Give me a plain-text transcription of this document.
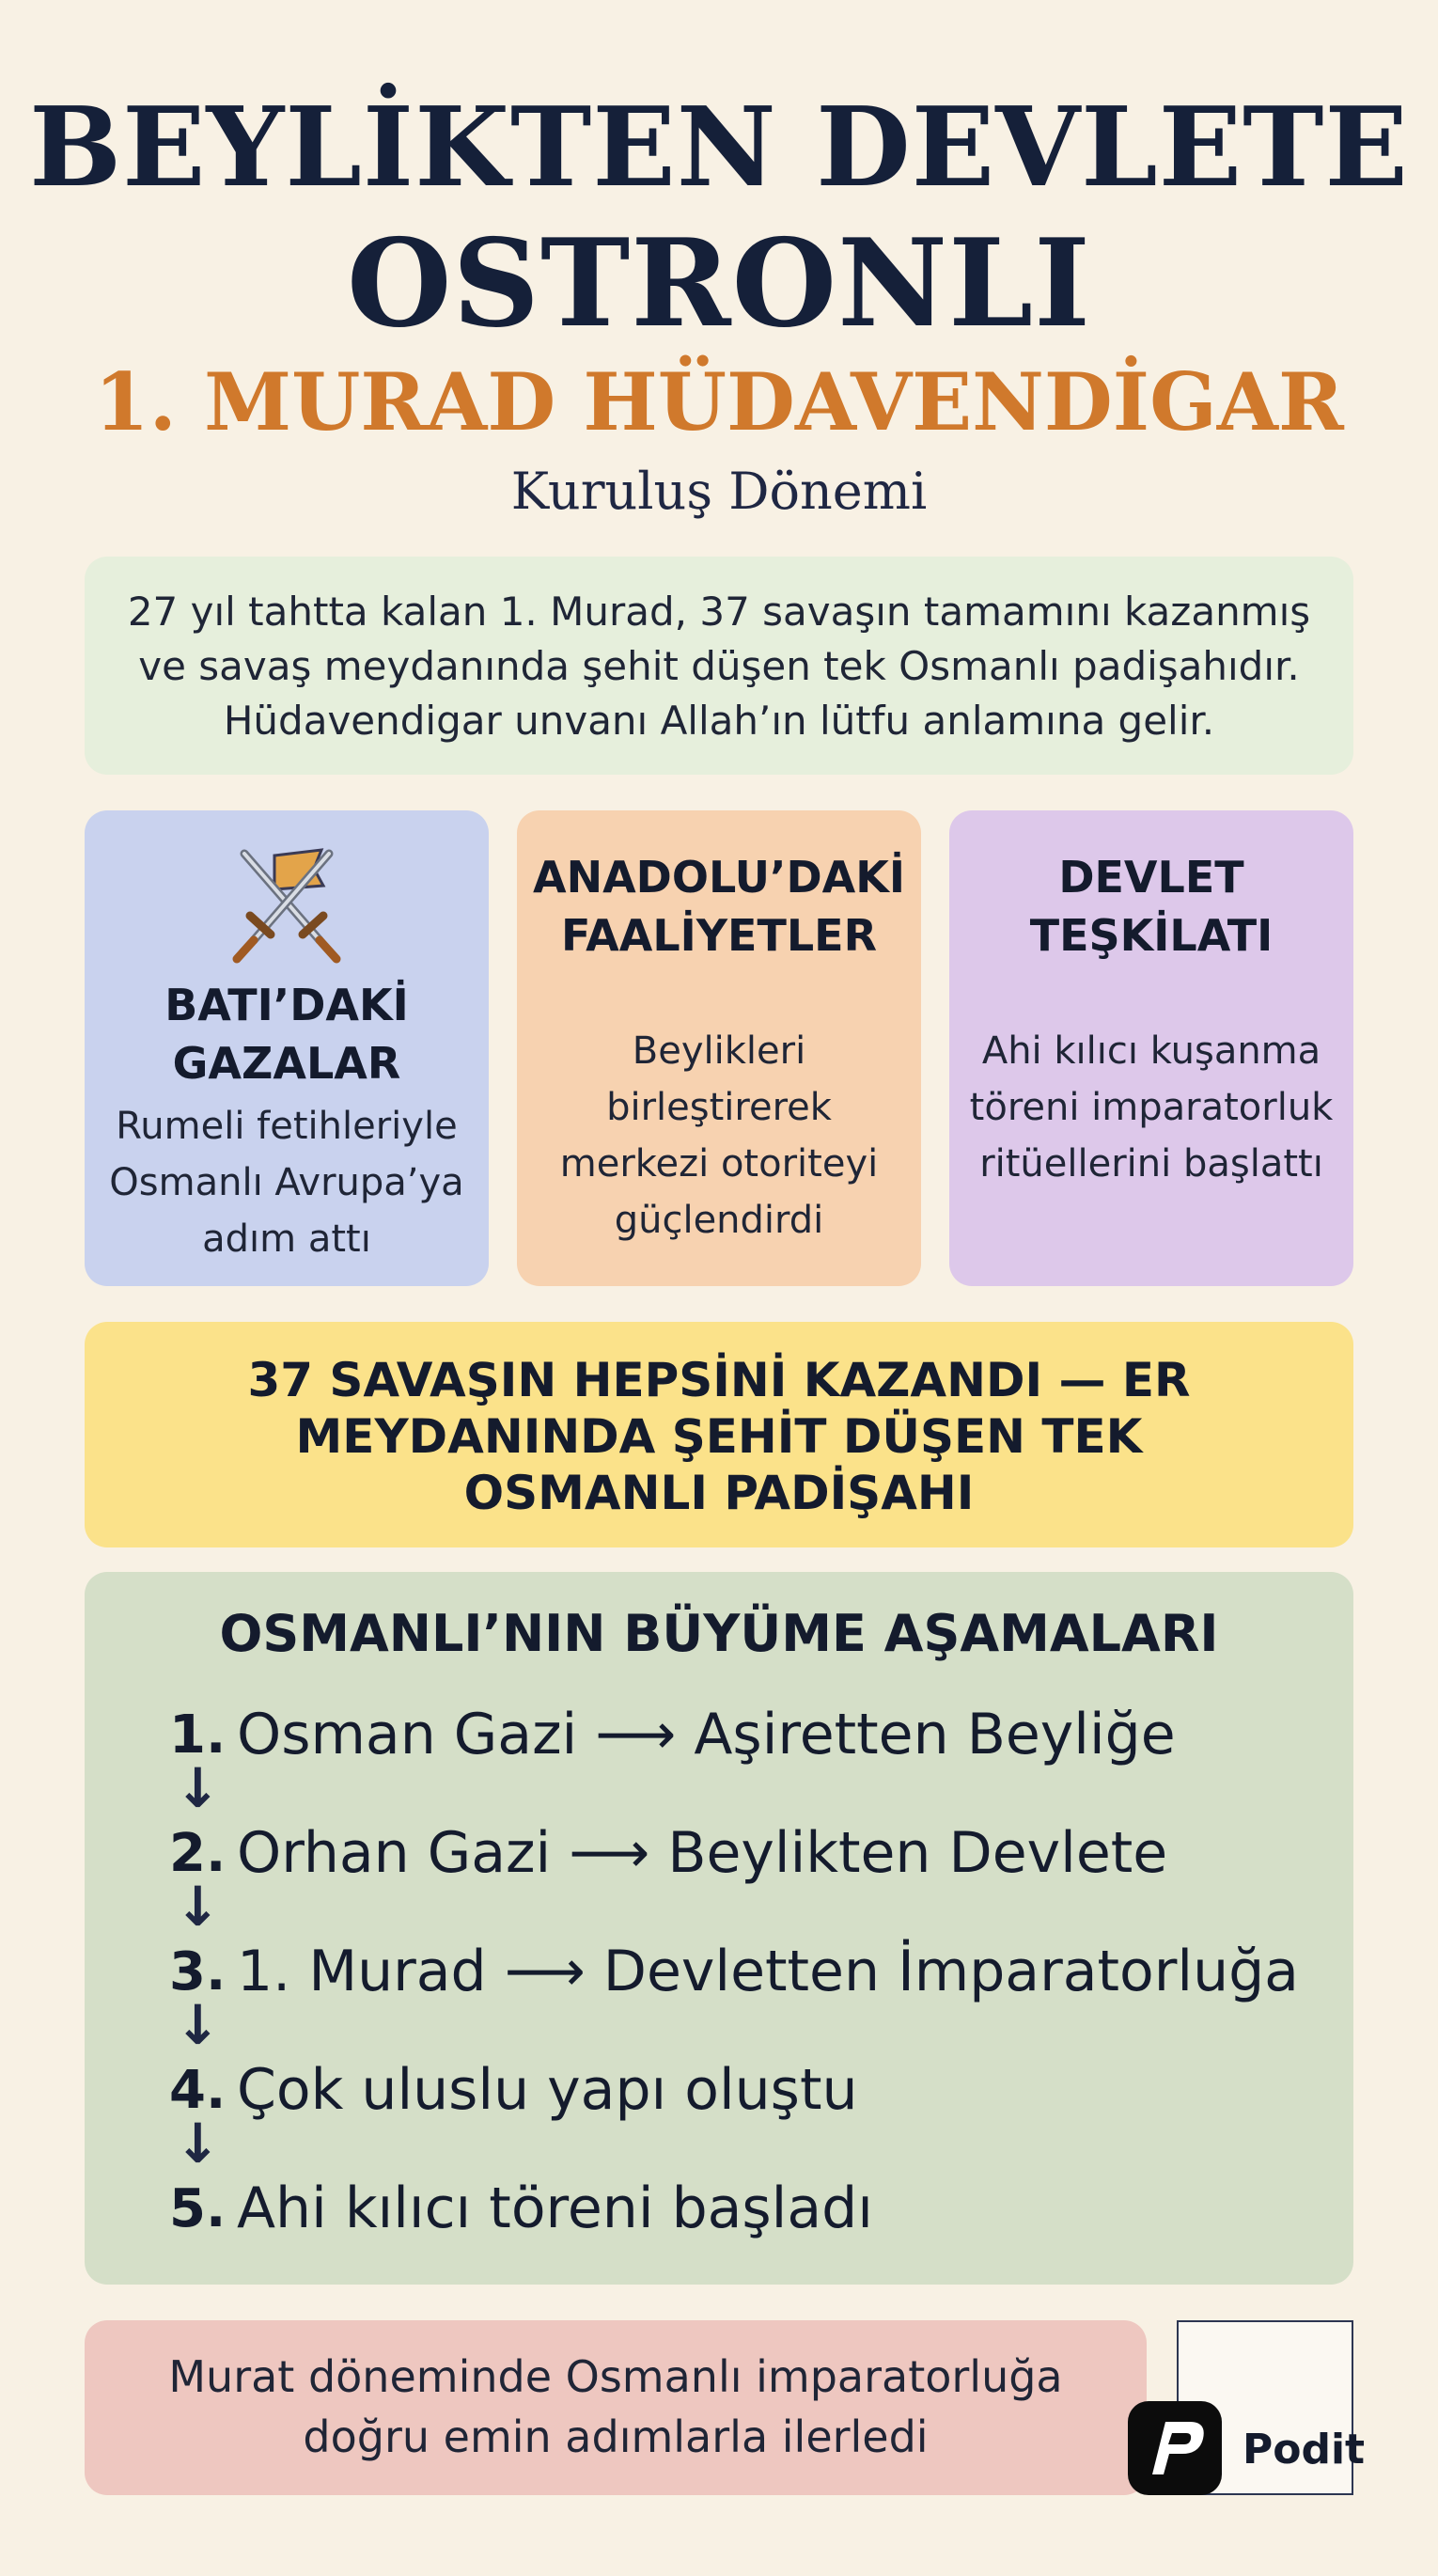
BEYLİKTEN DEVLETE
OSTRONLI
1. MURAD HÜDAVENDİGAR
Kuruluş Dönemi
27 yıl tahtta kalan 1. Murad, 37 savaşın tamamını kazanmış ve savaş meydanında şehit düşen tek Osmanlı padişahıdır. Hüdavendigar unvanı Allah’ın lütfu anlamına gelir.
BATI’DAKİ GAZALAR
Rumeli fetihleriyle Osmanlı Avrupa’ya adım attı
ANADOLU’DAKİ FAALİYETLER
Beylikleri birleştirerek merkezi otoriteyi güçlendirdi
DEVLET TEŞKİLATI
Ahi kılıcı kuşanma töreni imparatorluk ritüellerini başlattı
37 SAVAŞIN HEPSİNİ KAZANDI — ER MEYDANINDA ŞEHİT DÜŞEN TEK OSMANLI PADİŞAHI
OSMANLI’NIN BÜYÜME AŞAMALARI
1. Osman Gazi ⟶ Aşiretten Beyliğe
↓
2. Orhan Gazi ⟶ Beylikten Devlete
↓
3. 1. Murad ⟶ Devletten İmparatorluğa
↓
4. Çok uluslu yapı oluştu
↓
5. Ahi kılıcı töreni başladı
Murat döneminde Osmanlı imparatorluğa doğru emin adımlarla ilerledi	Podit
